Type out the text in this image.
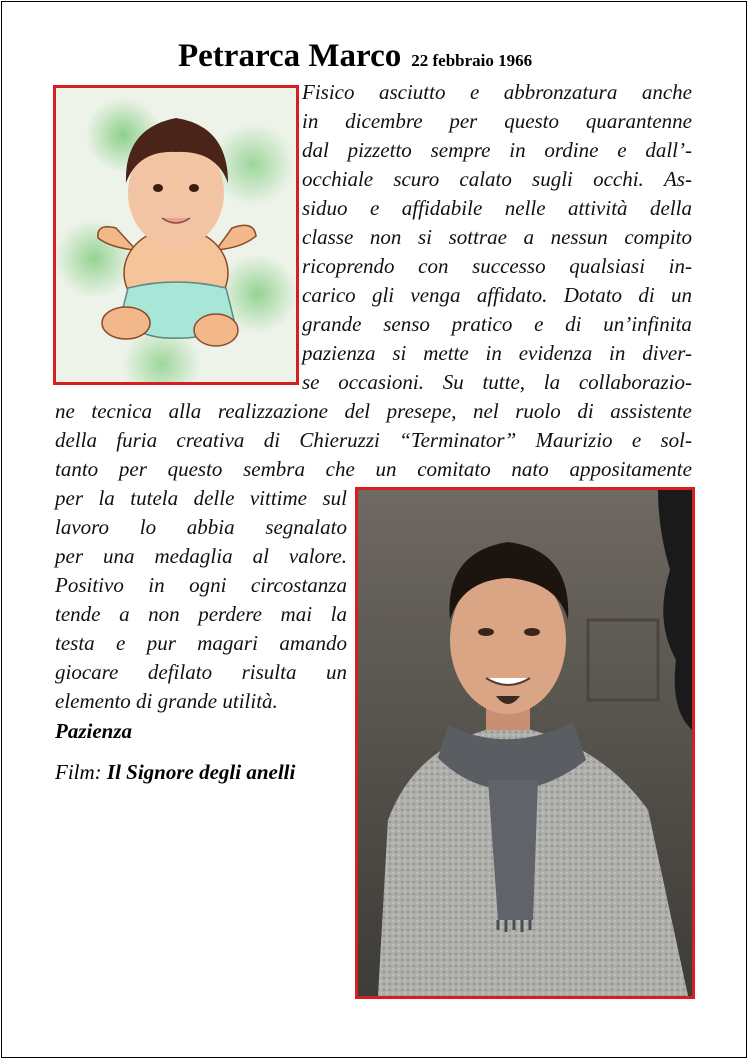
Petrarca Marco 22 febbraio 1966
Fisico asciutto e abbronzatura anche
in dicembre per questo quarantenne
dal pizzetto sempre in ordine e dall’-
occhiale scuro calato sugli occhi. As-
siduo e affidabile nelle attività della
classe non si sottrae a nessun compito
ricoprendo con successo qualsiasi in-
carico gli venga affidato. Dotato di un
grande senso pratico e di un’infinita
pazienza si mette in evidenza in diver-
se occasioni. Su tutte, la collaborazio-
ne tecnica alla realizzazione del presepe, nel ruolo di assistente
della furia creativa di Chieruzzi “Terminator” Maurizio e sol-
tanto per questo sembra che un comitato nato appositamente
per la tutela delle vittime sul
lavoro lo abbia segnalato
per una medaglia al valore.
Positivo in ogni circostanza
tende a non perdere mai la
testa e pur magari amando
giocare defilato risulta un
elemento di grande utilità.
Pazienza
Film: Il Signore degli anelli
